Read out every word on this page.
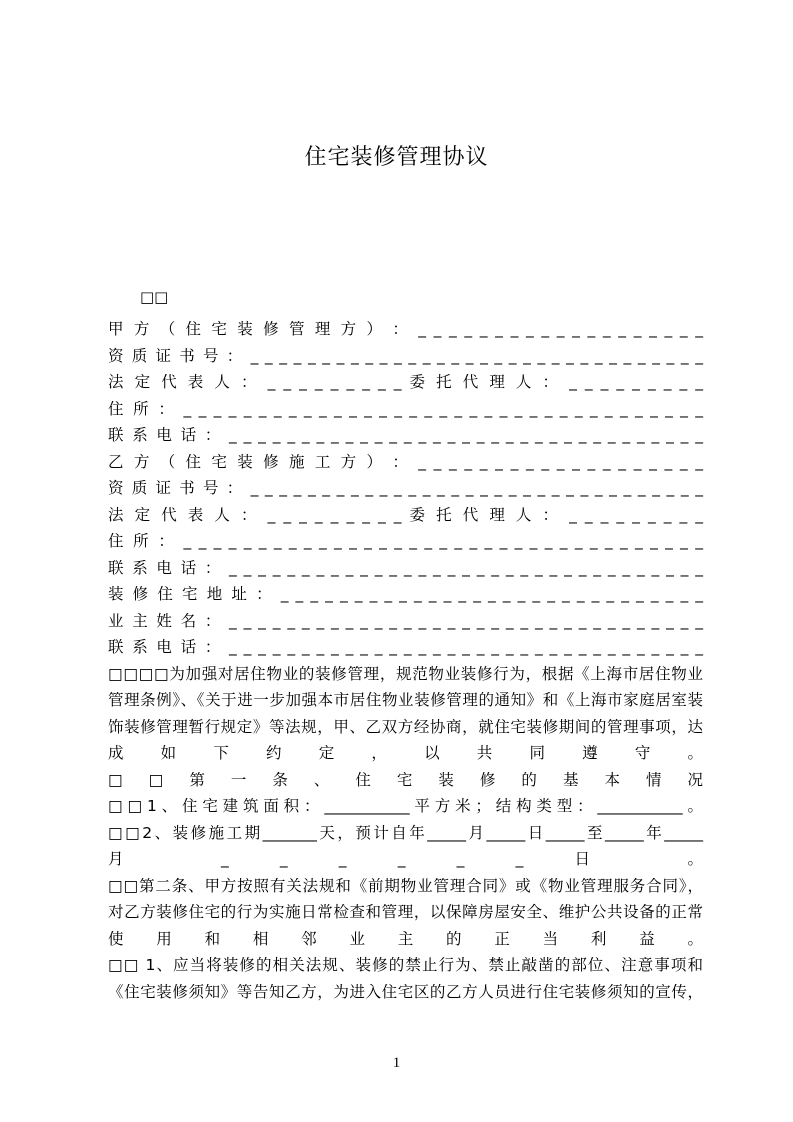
住宅装修管理协议
□□
甲 方 （ 住 宅 装 修 管 理 方 ） ： _ _ _ _ _ _ _ _ _ _ _ _ _ _ _ _ _ _ _
资 质 证 书 号 ： _ _ _ _ _ _ _ _ _ _ _ _ _ _ _ _ _ _ _ _ _ _ _ _ _ _ _ _ _ _ _ _
法 定 代 表 人 ： _ _ _ _ _ _ _ _ _ 委 托 代 理 人 ： _ _ _ _ _ _ _ _ _
住 所 ： _ _ _ _ _ _ _ _ _ _ _ _ _ _ _ _ _ _ _ _ _ _ _ _ _ _ _ _ _ _ _ _ _ _ _
联 系 电 话 ： _ _ _ _ _ _ _ _ _ _ _ _ _ _ _ _ _ _ _ _ _ _ _ _ _ _ _ _ _ _ _ _ _
乙 方 （ 住 宅 装 修 施 工 方 ） ： _ _ _ _ _ _ _ _ _ _ _ _ _ _ _ _ _ _ _
资 质 证 书 号 ： _ _ _ _ _ _ _ _ _ _ _ _ _ _ _ _ _ _ _ _ _ _ _ _ _ _ _ _ _ _ _ _
法 定 代 表 人 ： _ _ _ _ _ _ _ _ _ 委 托 代 理 人 ： _ _ _ _ _ _ _ _ _
住 所 ： _ _ _ _ _ _ _ _ _ _ _ _ _ _ _ _ _ _ _ _ _ _ _ _ _ _ _ _ _ _ _ _ _ _ _
联 系 电 话 ： _ _ _ _ _ _ _ _ _ _ _ _ _ _ _ _ _ _ _ _ _ _ _ _ _ _ _ _ _ _ _ _ _
装 修 住 宅 地 址 ： _ _ _ _ _ _ _ _ _ _ _ _ _ _ _ _ _ _ _ _ _ _ _ _ _ _ _ _ _
业 主 姓 名 ： _ _ _ _ _ _ _ _ _ _ _ _ _ _ _ _ _ _ _ _ _ _ _ _ _ _ _ _ _ _ _ _ _
联 系 电 话 ： _ _ _ _ _ _ _ _ _ _ _ _ _ _ _ _ _ _ _ _ _ _ _ _ _ _ _ _ _ _ _ _ _
□□□□为加强对居住物业的装修管理，规范物业装修行为，根据《上海市居住物业
管理条例》、《关于进一步加强本市居住物业装修管理的通知》和《上海市家庭居室装
饰装修管理暂行规定》等法规，甲、乙双方经协商，就住宅装修期间的管理事项，达
成 如 下 约 定 ， 以 共 同 遵 守 。
□ □ 第 一 条 、 住 宅 装 修 的 基 本 情 况
□□1、住宅建筑面积：___________平方米；结构类型：___________。
□□2、装修施工期_______天，预计自年_____月_____日_____至_____年_____
月 _ _ _ _ _ _ 日 。
□□第二条、甲方按照有关法规和《前期物业管理合同》或《物业管理服务合同》，
对乙方装修住宅的行为实施日常检查和管理，以保障房屋安全、维护公共设备的正常
使 用 和 相 邻 业 主 的 正 当 利 益 。
□□ 1、应当将装修的相关法规、装修的禁止行为、禁止敲凿的部位、注意事项和
《住宅装修须知》等告知乙方，为进入住宅区的乙方人员进行住宅装修须知的宣传，
1
